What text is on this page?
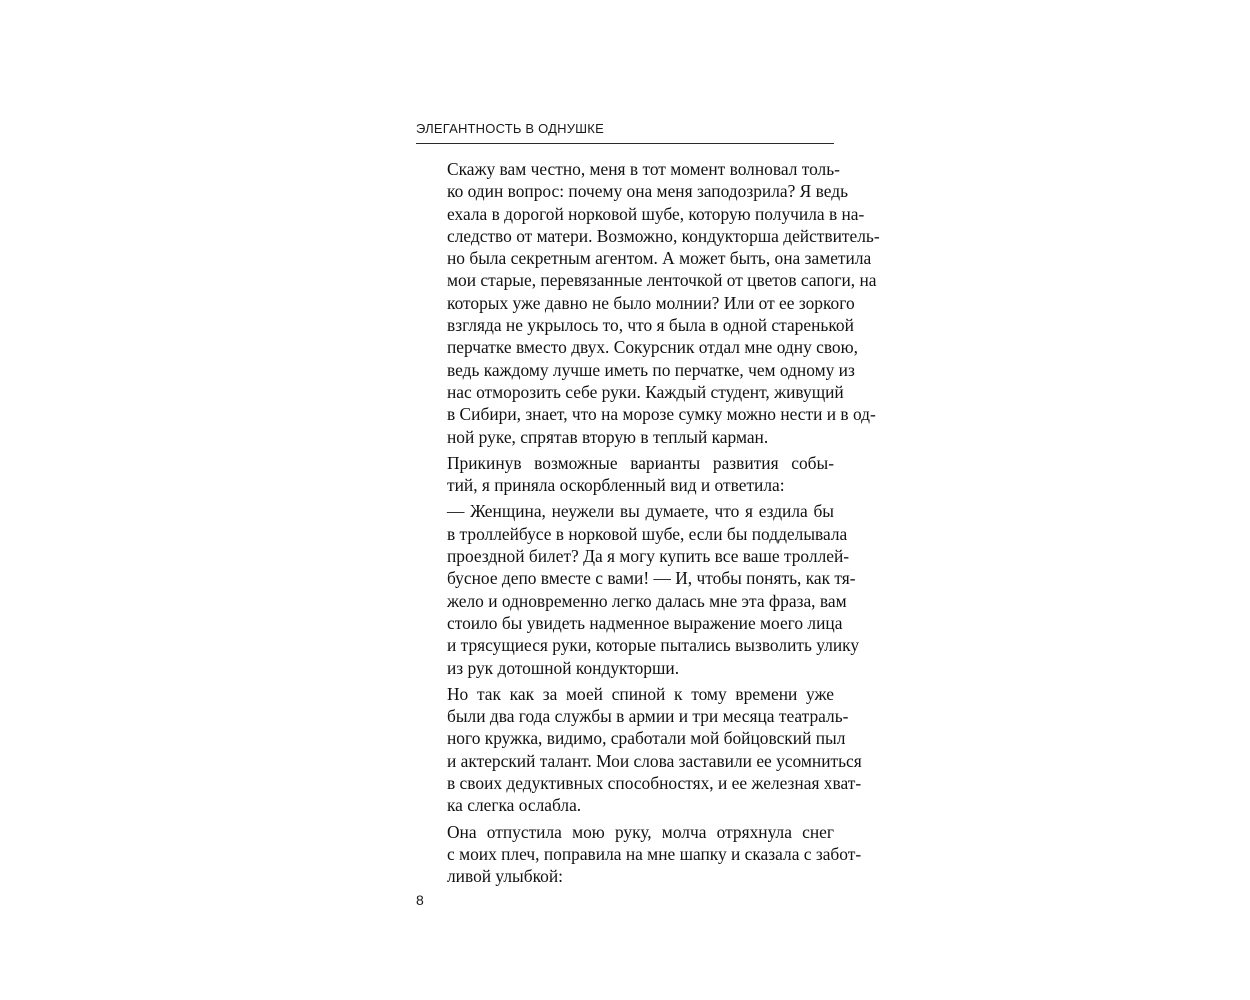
ЭЛЕГАНТНОСТЬ В ОДНУШКЕ

Скажу вам честно, меня в тот момент волновал толь-
ко один вопрос: почему она меня заподозрила? Я ведь
ехала в дорогой норковой шубе, которую получила в на-
следство от матери. Возможно, кондукторша действитель-
но была секретным агентом. А может быть, она заметила
мои старые, перевязанные ленточкой от цветов сапоги, на
которых уже давно не было молнии? Или от ее зоркого
взгляда не укрылось то, что я была в одной старенькой
перчатке вместо двух. Сокурсник отдал мне одну свою,
ведь каждому лучше иметь по перчатке, чем одному из
нас отморозить себе руки. Каждый студент, живущий
в Сибири, знает, что на морозе сумку можно нести и в од-
ной руке, спрятав вторую в теплый карман.

Прикинув возможные варианты развития собы-
тий, я приняла оскорбленный вид и ответила:

— Женщина, неужели вы думаете, что я ездила бы
в троллейбусе в норковой шубе, если бы подделывала
проездной билет? Да я могу купить все ваше троллей-
бусное депо вместе с вами! — И, чтобы понять, как тя-
жело и одновременно легко далась мне эта фраза, вам
стоило бы увидеть надменное выражение моего лица
и трясущиеся руки, которые пытались вызволить улику
из рук дотошной кондукторши.

Но так как за моей спиной к тому времени уже
были два года службы в армии и три месяца театраль-
ного кружка, видимо, сработали мой бойцовский пыл
и актерский талант. Мои слова заставили ее усомниться
в своих дедуктивных способностях, и ее железная хват-
ка слегка ослабла.

Она отпустила мою руку, молча отряхнула снег
с моих плеч, поправила на мне шапку и сказала с забот-
ливой улыбкой:

8
